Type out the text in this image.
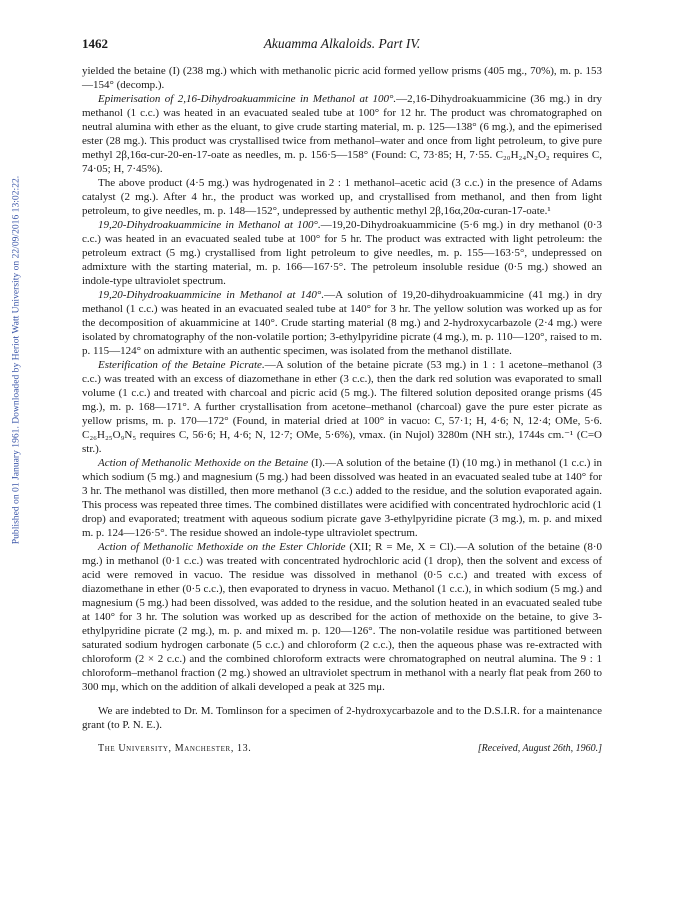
Published on 01 January 1961. Downloaded by Heriot Watt University on 22/09/2016 13:02:22.
1462	Akuamma Alkaloids. Part IV.

yielded the betaine (I) (238 mg.) which with methanolic picric acid formed yellow prisms (405 mg., 70%), m. p. 153—154° (decomp.).

Epimerisation of 2,16-Dihydroakuammicine in Methanol at 100°.—2,16-Dihydroakuammicine (36 mg.) in dry methanol (1 c.c.) was heated in an evacuated sealed tube at 100° for 12 hr. The product was chromatographed on neutral alumina with ether as the eluant, to give crude starting material, m. p. 125—138° (6 mg.), and the epimerised ester (28 mg.). This product was crystallised twice from methanol–water and once from light petroleum, to give pure methyl 2β,16α-cur-20-en-17-oate as needles, m. p. 156·5—158° (Found: C, 73·85; H, 7·55. C₂₀H₂₄N₂O₂ requires C, 74·05; H, 7·45%).

The above product (4·5 mg.) was hydrogenated in 2 : 1 methanol–acetic acid (3 c.c.) in the presence of Adams catalyst (2 mg.). After 4 hr., the product was worked up, and crystallised from methanol, and then from light petroleum, to give needles, m. p. 148—152°, undepressed by authentic methyl 2β,16α,20α-curan-17-oate.¹

19,20-Dihydroakuammicine in Methanol at 100°.—19,20-Dihydroakuammicine (5·6 mg.) in dry methanol (0·3 c.c.) was heated in an evacuated sealed tube at 100° for 5 hr. The product was extracted with light petroleum: the petroleum extract (5 mg.) crystallised from light petroleum to give needles, m. p. 155—163·5°, undepressed on admixture with the starting material, m. p. 166—167·5°. The petroleum insoluble residue (0·5 mg.) showed an indole-type ultraviolet spectrum.

19,20-Dihydroakuammicine in Methanol at 140°.—A solution of 19,20-dihydroakuammicine (41 mg.) in dry methanol (1 c.c.) was heated in an evacuated sealed tube at 140° for 3 hr. The yellow solution was worked up as for the decomposition of akuammicine at 140°. Crude starting material (8 mg.) and 2-hydroxycarbazole (2·4 mg.) were isolated by chromatography of the non-volatile portion; 3-ethylpyridine picrate (4 mg.), m. p. 110—120°, raised to m. p. 115—124° on admixture with an authentic specimen, was isolated from the methanol distillate.

Esterification of the Betaine Picrate.—A solution of the betaine picrate (53 mg.) in 1 : 1 acetone–methanol (3 c.c.) was treated with an excess of diazomethane in ether (3 c.c.), then the dark red solution was evaporated to small volume (1 c.c.) and treated with charcoal and picric acid (5 mg.). The filtered solution deposited orange prisms (45 mg.), m. p. 168—171°. A further crystallisation from acetone–methanol (charcoal) gave the pure ester picrate as yellow prisms, m. p. 170—172° (Found, in material dried at 100° in vacuo: C, 57·1; H, 4·6; N, 12·4; OMe, 5·6. C₂₆H₂₅O₉N₅ requires C, 56·6; H, 4·6; N, 12·7; OMe, 5·6%), νmax. (in Nujol) 3280m (NH str.), 1744s cm.⁻¹ (C=O str.).

Action of Methanolic Methoxide on the Betaine (I).—A solution of the betaine (I) (10 mg.) in methanol (1 c.c.) in which sodium (5 mg.) and magnesium (5 mg.) had been dissolved was heated in an evacuated sealed tube at 140° for 3 hr. The methanol was distilled, then more methanol (3 c.c.) added to the residue, and the solution evaporated again. This process was repeated three times. The combined distillates were acidified with concentrated hydrochloric acid (1 drop) and evaporated; treatment with aqueous sodium picrate gave 3-ethylpyridine picrate (3 mg.), m. p. and mixed m. p. 124—126·5°. The residue showed an indole-type ultraviolet spectrum.

Action of Methanolic Methoxide on the Ester Chloride (XII; R = Me, X = Cl).—A solution of the betaine (8·0 mg.) in methanol (0·1 c.c.) was treated with concentrated hydrochloric acid (1 drop), then the solvent and excess of acid were removed in vacuo. The residue was dissolved in methanol (0·5 c.c.) and treated with excess of diazomethane in ether (0·5 c.c.), then evaporated to dryness in vacuo. Methanol (1 c.c.), in which sodium (5 mg.) and magnesium (5 mg.) had been dissolved, was added to the residue, and the solution heated in an evacuated sealed tube at 140° for 3 hr. The solution was worked up as described for the action of methoxide on the betaine, to give 3-ethylpyridine picrate (2 mg.), m. p. and mixed m. p. 120—126°. The non-volatile residue was partitioned between saturated sodium hydrogen carbonate (5 c.c.) and chloroform (2 c.c.), then the aqueous phase was re-extracted with chloroform (2 × 2 c.c.) and the combined chloroform extracts were chromatographed on neutral alumina. The 9 : 1 chloroform–methanol fraction (2 mg.) showed an ultraviolet spectrum in methanol with a nearly flat peak from 260 to 300 mμ, which on the addition of alkali developed a peak at 325 mμ.

We are indebted to Dr. M. Tomlinson for a specimen of 2-hydroxycarbazole and to the D.S.I.R. for a maintenance grant (to P. N. E.).

The University, Manchester, 13.	[Received, August 26th, 1960.]
